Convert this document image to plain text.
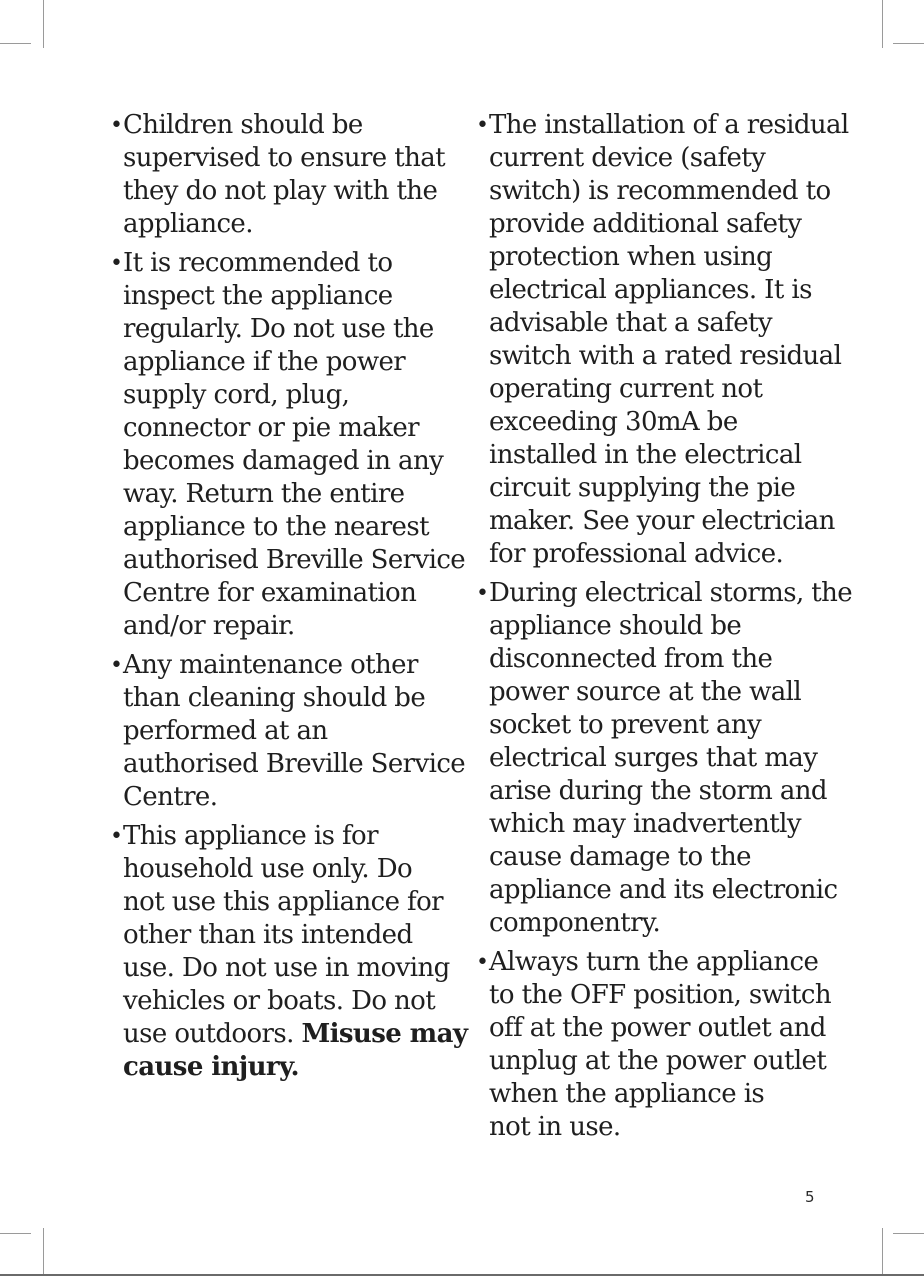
• Children should be
supervised to ensure that
they do not play with the
appliance.
• It is recommended to
inspect the appliance
regularly. Do not use the
appliance if the power
supply cord, plug,
connector or pie maker
becomes damaged in any
way. Return the entire
appliance to the nearest
authorised Breville Service
Centre for examination
and/or repair.
• Any maintenance other
than cleaning should be
performed at an
authorised Breville Service
Centre.
• This appliance is for
household use only. Do
not use this appliance for
other than its intended
use. Do not use in moving
vehicles or boats. Do not
use outdoors. Misuse may
cause injury.
• The installation of a residual
current device (safety
switch) is recommended to
provide additional safety
protection when using
electrical appliances. It is
advisable that a safety
switch with a rated residual
operating current not
exceeding 30mA be
installed in the electrical
circuit supplying the pie
maker. See your electrician
for professional advice.
• During electrical storms, the
appliance should be
disconnected from the
power source at the wall
socket to prevent any
electrical surges that may
arise during the storm and
which may inadvertently
cause damage to the
appliance and its electronic
componentry.
• Always turn the appliance
to the OFF position, switch
off at the power outlet and
unplug at the power outlet
when the appliance is
not in use.
5
